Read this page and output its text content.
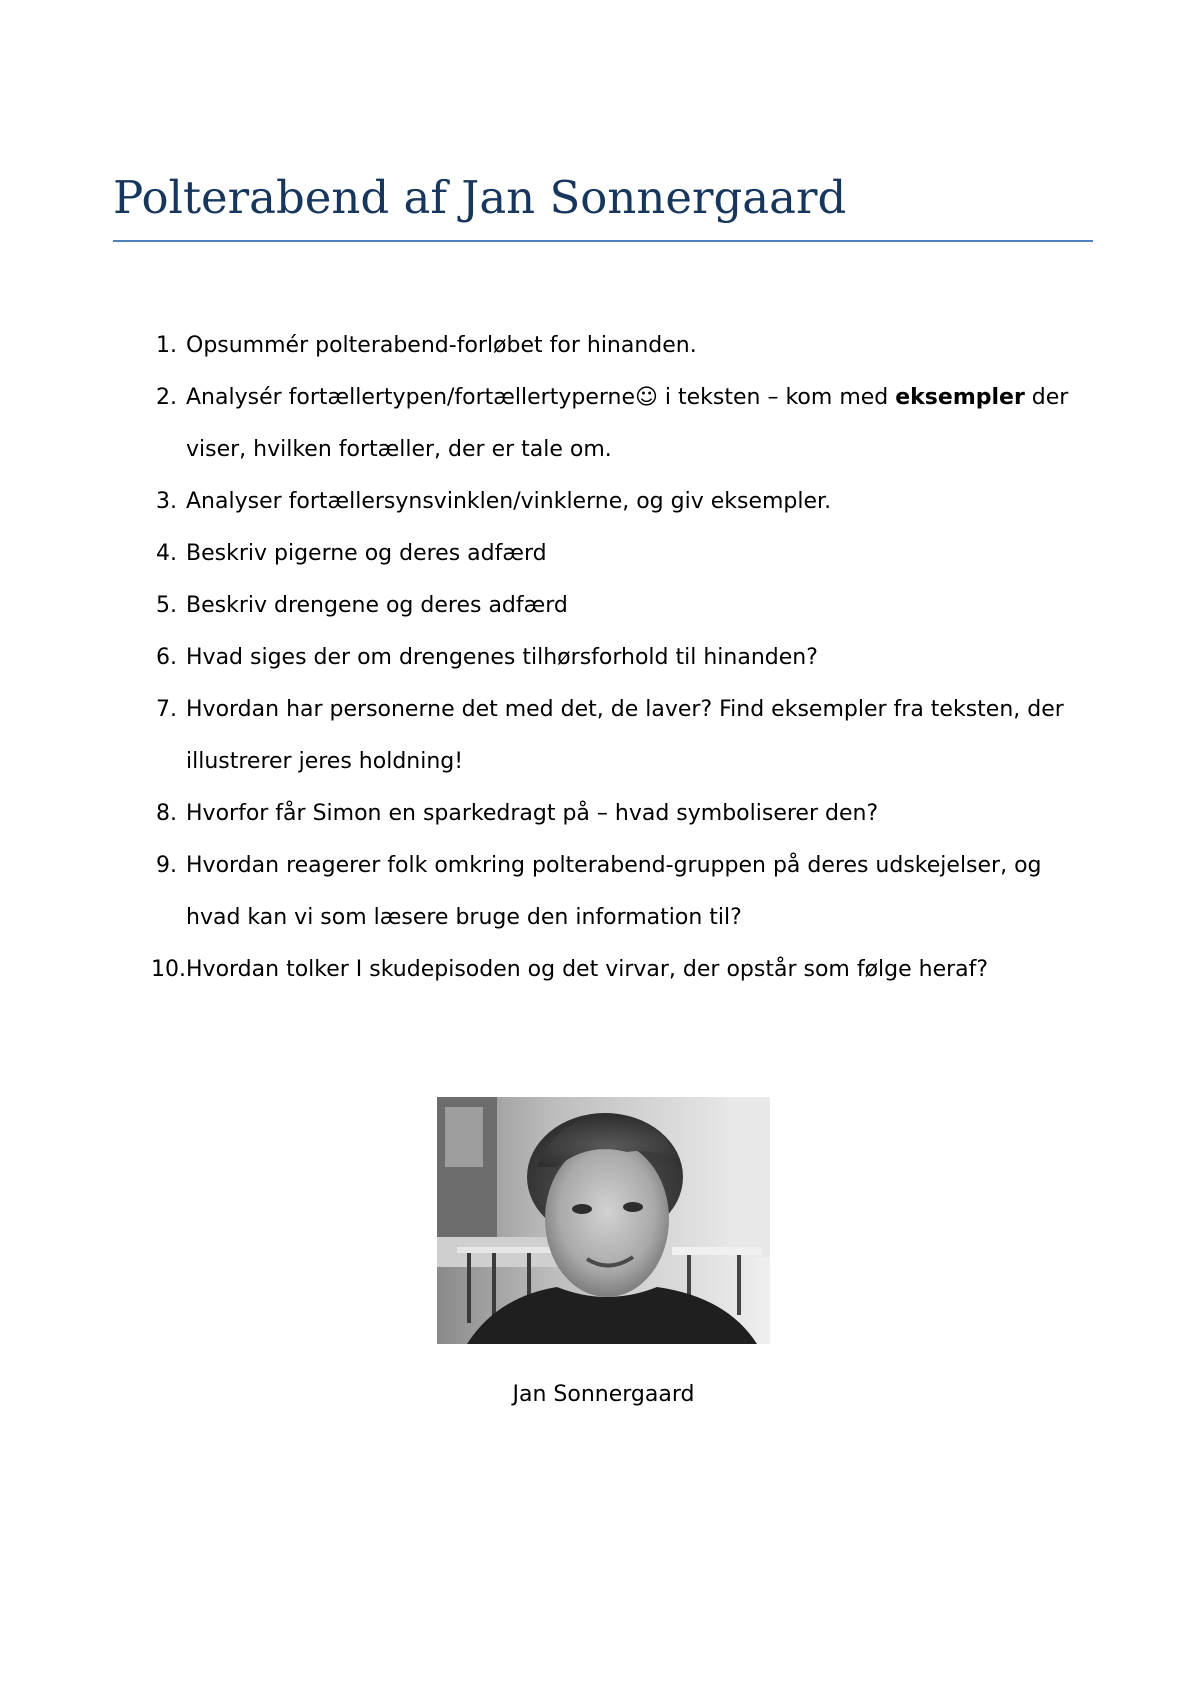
Polterabend af Jan Sonnergaard
1. Opsummér polterabend-forløbet for hinanden.
2. Analysér fortællertypen/fortællertyperne☺ i teksten – kom med eksempler der viser, hvilken fortæller, der er tale om.
3. Analyser fortællersynsvinklen/vinklerne, og giv eksempler.
4. Beskriv pigerne og deres adfærd
5. Beskriv drengene og deres adfærd
6. Hvad siges der om drengenes tilhørsforhold til hinanden?
7. Hvordan har personerne det med det, de laver? Find eksempler fra teksten, der illustrerer jeres holdning!
8. Hvorfor får Simon en sparkedragt på – hvad symboliserer den?
9. Hvordan reagerer folk omkring polterabend-gruppen på deres udskejelser, og hvad kan vi som læsere bruge den information til?
10. Hvordan tolker I skudepisoden og det virvar, der opstår som følge heraf?
Jan Sonnergaard
